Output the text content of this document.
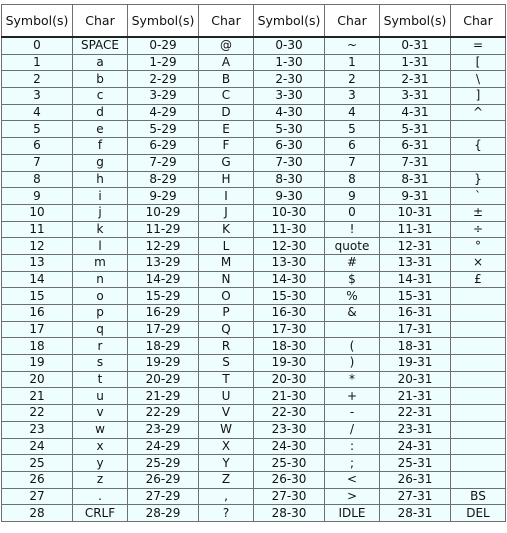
Symbol(s)	Char	Symbol(s)	Char	Symbol(s)	Char	Symbol(s)	Char
0	SPACE	0-29	@	0-30	~	0-31	=
1	a	1-29	A	1-30	1	1-31	[
2	b	2-29	B	2-30	2	2-31	\
3	c	3-29	C	3-30	3	3-31	]
4	d	4-29	D	4-30	4	4-31	^
5	e	5-29	E	5-30	5	5-31	
6	f	6-29	F	6-30	6	6-31	{
7	g	7-29	G	7-30	7	7-31	
8	h	8-29	H	8-30	8	8-31	}
9	i	9-29	I	9-30	9	9-31	`
10	j	10-29	J	10-30	0	10-31	±
11	k	11-29	K	11-30	!	11-31	÷
12	l	12-29	L	12-30	quote	12-31	°
13	m	13-29	M	13-30	#	13-31	×
14	n	14-29	N	14-30	$	14-31	£
15	o	15-29	O	15-30	%	15-31	
16	p	16-29	P	16-30	&	16-31	
17	q	17-29	Q	17-30		17-31	
18	r	18-29	R	18-30	(	18-31	
19	s	19-29	S	19-30	)	19-31	
20	t	20-29	T	20-30	*	20-31	
21	u	21-29	U	21-30	+	21-31	
22	v	22-29	V	22-30	-	22-31	
23	w	23-29	W	23-30	/	23-31	
24	x	24-29	X	24-30	:	24-31	
25	y	25-29	Y	25-30	;	25-31	
26	z	26-29	Z	26-30	<	26-31	
27	.	27-29	,	27-30	>	27-31	BS
28	CRLF	28-29	?	28-30	IDLE	28-31	DEL
